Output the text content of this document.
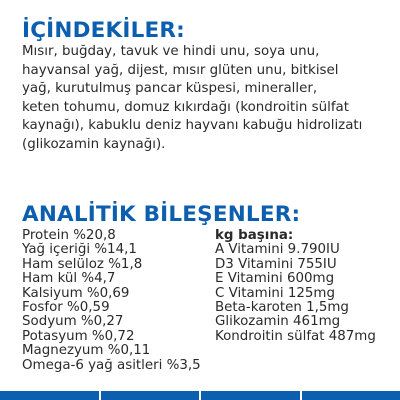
İÇİNDEKİLER:
Mısır, buğday, tavuk ve hindi unu, soya unu,
hayvansal yağ, dijest, mısır glüten unu, bitkisel
yağ, kurutulmuş pancar küspesi, mineraller,
keten tohumu, domuz kıkırdağı (kondroitin sülfat
kaynağı), kabuklu deniz hayvanı kabuğu hidrolizatı
(glikozamin kaynağı).
ANALİTİK BİLEŞENLER:
Protein %20,8
Yağ içeriği %14,1
Ham selüloz %1,8
Ham kül %4,7
Kalsiyum %0,69
Fosfor %0,59
Sodyum %0,27
Potasyum %0,72
Magnezyum %0,11
Omega-6 yağ asitleri %3,5
kg başına:
A Vitamini 9.790IU
D3 Vitamini 755IU
E Vitamini 600mg
C Vitamini 125mg
Beta-karoten 1,5mg
Glikozamin 461mg
Kondroitin sülfat 487mg
